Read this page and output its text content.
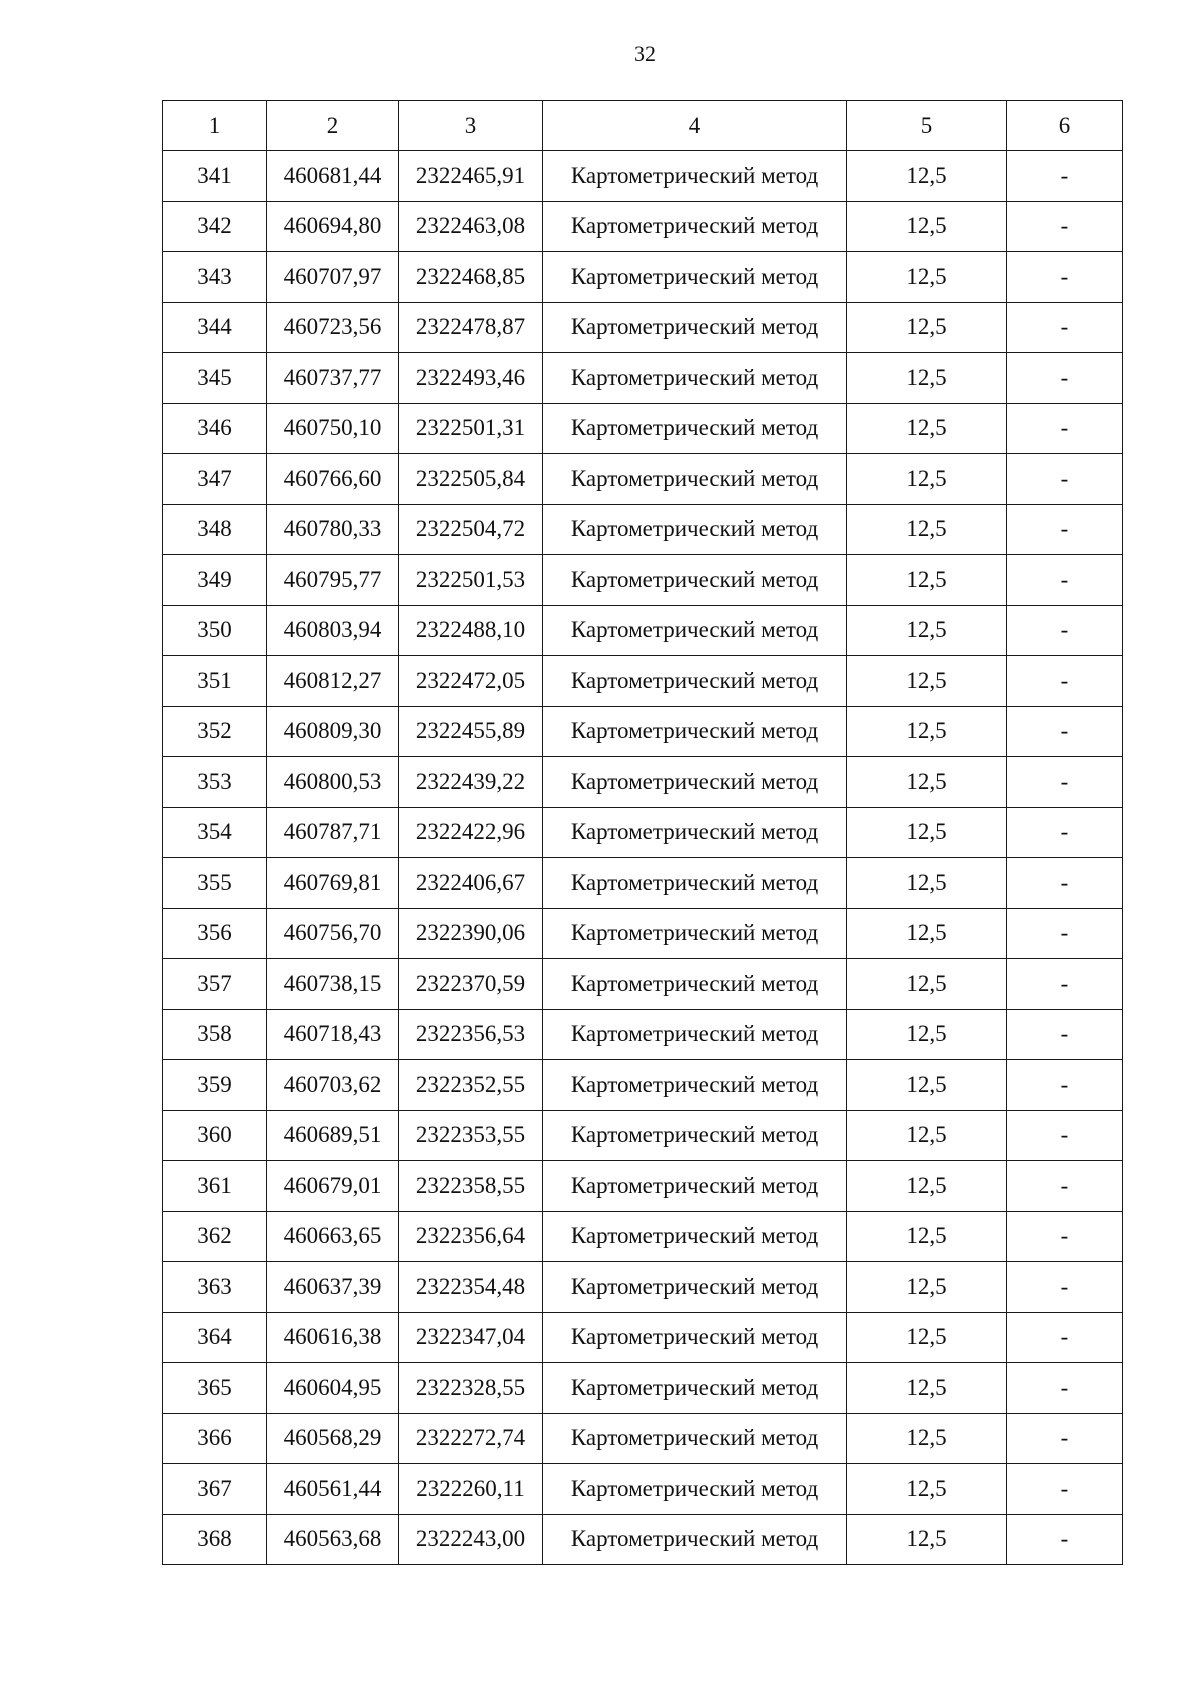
32
1	2	3	4	5	6
341	460681,44	2322465,91	Картометрический метод	12,5	-
342	460694,80	2322463,08	Картометрический метод	12,5	-
343	460707,97	2322468,85	Картометрический метод	12,5	-
344	460723,56	2322478,87	Картометрический метод	12,5	-
345	460737,77	2322493,46	Картометрический метод	12,5	-
346	460750,10	2322501,31	Картометрический метод	12,5	-
347	460766,60	2322505,84	Картометрический метод	12,5	-
348	460780,33	2322504,72	Картометрический метод	12,5	-
349	460795,77	2322501,53	Картометрический метод	12,5	-
350	460803,94	2322488,10	Картометрический метод	12,5	-
351	460812,27	2322472,05	Картометрический метод	12,5	-
352	460809,30	2322455,89	Картометрический метод	12,5	-
353	460800,53	2322439,22	Картометрический метод	12,5	-
354	460787,71	2322422,96	Картометрический метод	12,5	-
355	460769,81	2322406,67	Картометрический метод	12,5	-
356	460756,70	2322390,06	Картометрический метод	12,5	-
357	460738,15	2322370,59	Картометрический метод	12,5	-
358	460718,43	2322356,53	Картометрический метод	12,5	-
359	460703,62	2322352,55	Картометрический метод	12,5	-
360	460689,51	2322353,55	Картометрический метод	12,5	-
361	460679,01	2322358,55	Картометрический метод	12,5	-
362	460663,65	2322356,64	Картометрический метод	12,5	-
363	460637,39	2322354,48	Картометрический метод	12,5	-
364	460616,38	2322347,04	Картометрический метод	12,5	-
365	460604,95	2322328,55	Картометрический метод	12,5	-
366	460568,29	2322272,74	Картометрический метод	12,5	-
367	460561,44	2322260,11	Картометрический метод	12,5	-
368	460563,68	2322243,00	Картометрический метод	12,5	-
